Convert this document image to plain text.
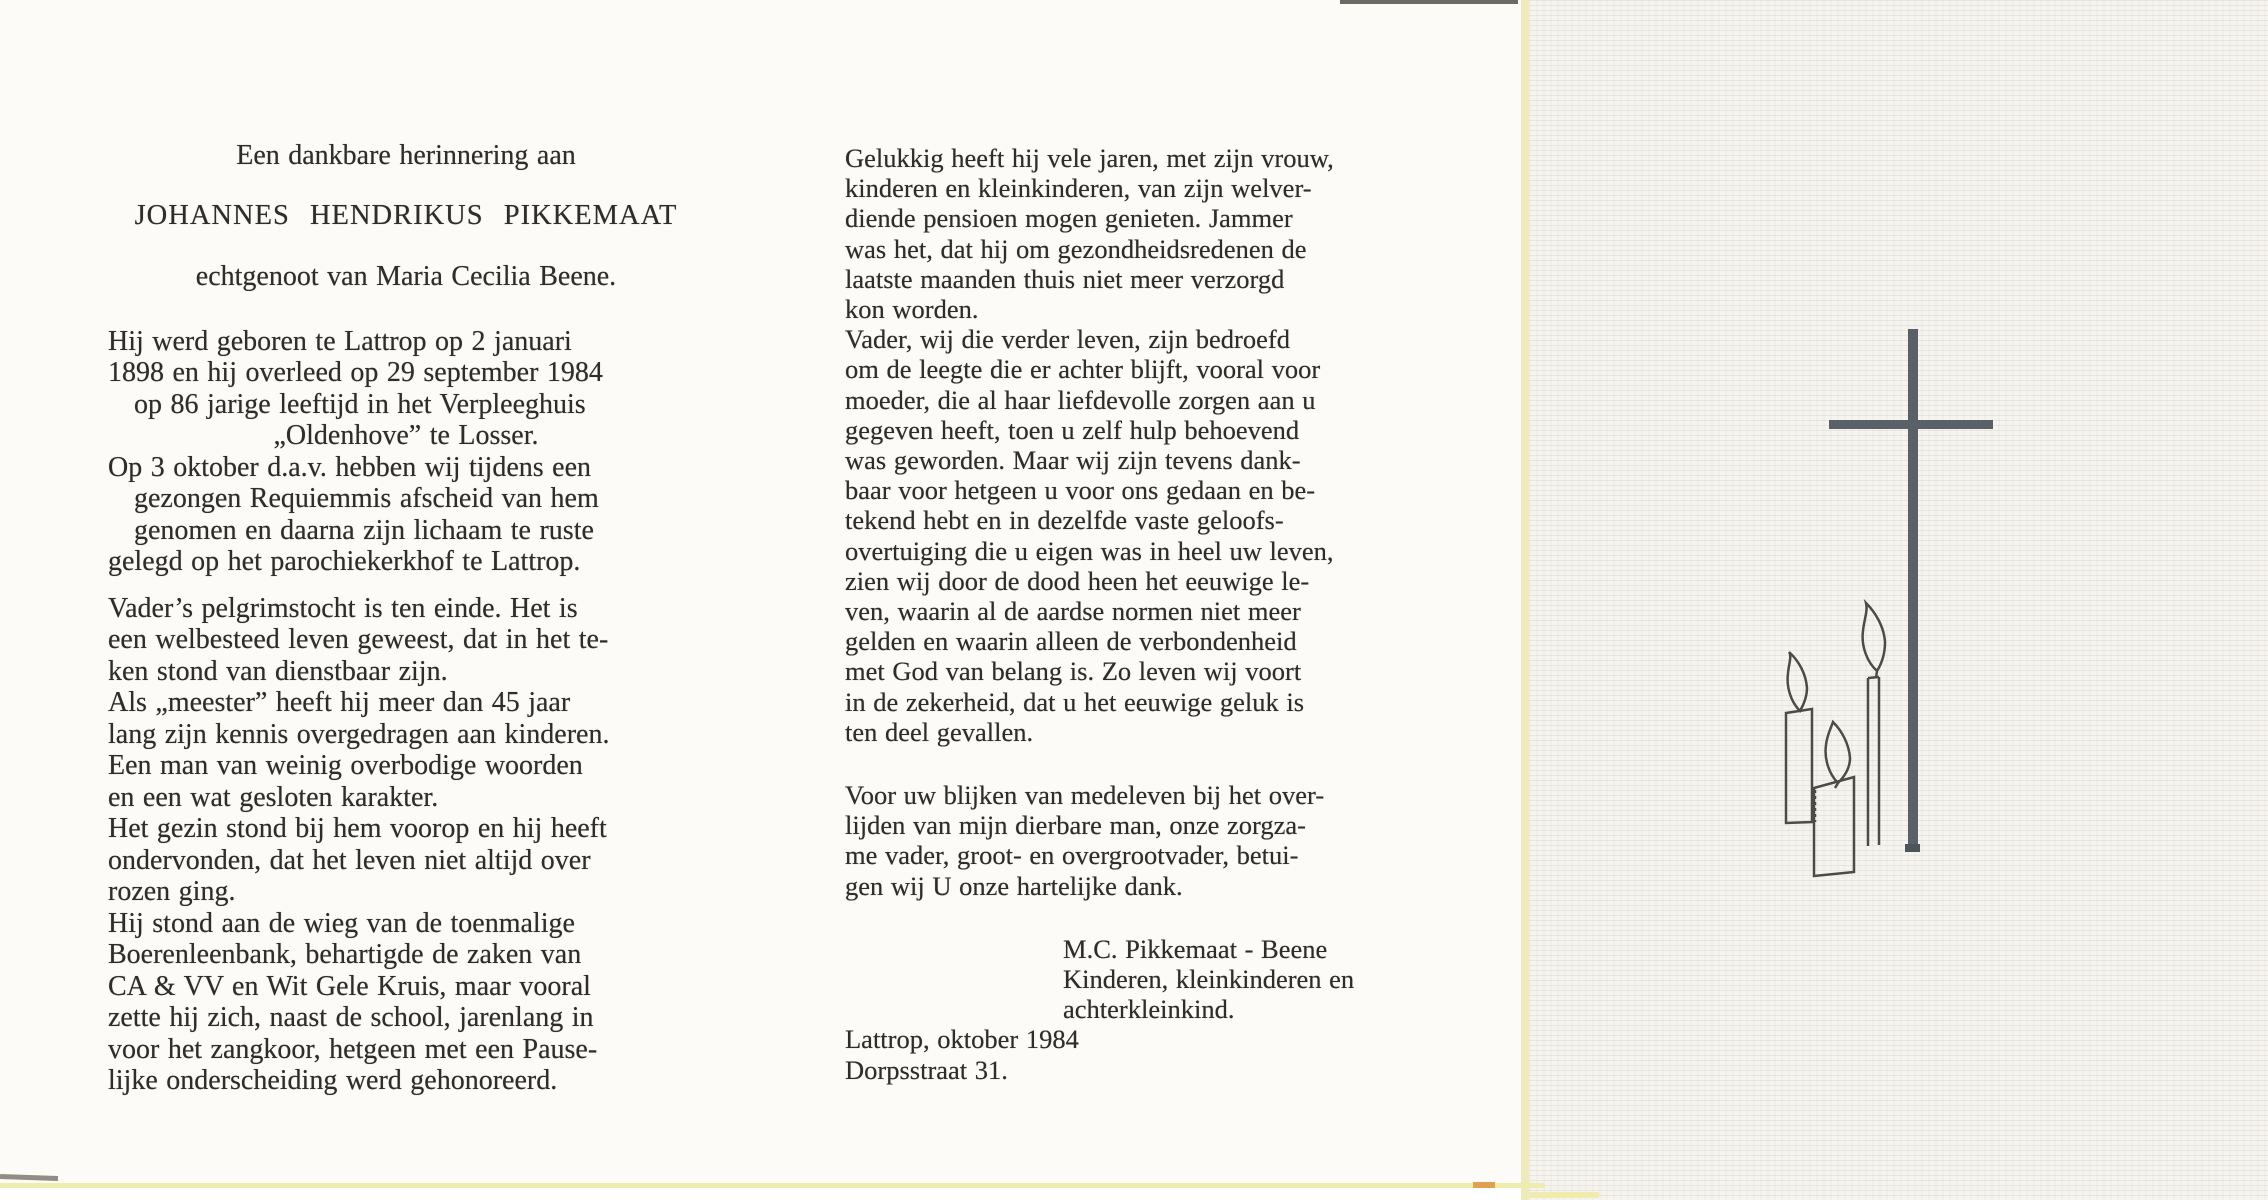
Een dankbare herinnering aan
JOHANNES HENDRIKUS PIKKEMAAT
echtgenoot van Maria Cecilia Beene.
Hij werd geboren te Lattrop op 2 januari
1898 en hij overleed op 29 september 1984
op 86 jarige leeftijd in het Verpleeghuis
„Oldenhove” te Losser.
Op 3 oktober d.a.v. hebben wij tijdens een
gezongen Requiemmis afscheid van hem
genomen en daarna zijn lichaam te ruste
gelegd op het parochiekerkhof te Lattrop.
Vader’s pelgrimstocht is ten einde. Het is
een welbesteed leven geweest, dat in het te-
ken stond van dienstbaar zijn.
Als „meester” heeft hij meer dan 45 jaar
lang zijn kennis overgedragen aan kinderen.
Een man van weinig overbodige woorden
en een wat gesloten karakter.
Het gezin stond bij hem voorop en hij heeft
ondervonden, dat het leven niet altijd over
rozen ging.
Hij stond aan de wieg van de toenmalige
Boerenleenbank, behartigde de zaken van
CA & VV en Wit Gele Kruis, maar vooral
zette hij zich, naast de school, jarenlang in
voor het zangkoor, hetgeen met een Pause-
lijke onderscheiding werd gehonoreerd.
Gelukkig heeft hij vele jaren, met zijn vrouw,
kinderen en kleinkinderen, van zijn welver-
diende pensioen mogen genieten. Jammer
was het, dat hij om gezondheidsredenen de
laatste maanden thuis niet meer verzorgd
kon worden.
Vader, wij die verder leven, zijn bedroefd
om de leegte die er achter blijft, vooral voor
moeder, die al haar liefdevolle zorgen aan u
gegeven heeft, toen u zelf hulp behoevend
was geworden. Maar wij zijn tevens dank-
baar voor hetgeen u voor ons gedaan en be-
tekend hebt en in dezelfde vaste geloofs-
overtuiging die u eigen was in heel uw leven,
zien wij door de dood heen het eeuwige le-
ven, waarin al de aardse normen niet meer
gelden en waarin alleen de verbondenheid
met God van belang is. Zo leven wij voort
in de zekerheid, dat u het eeuwige geluk is
ten deel gevallen.
Voor uw blijken van medeleven bij het over-
lijden van mijn dierbare man, onze zorgza-
me vader, groot- en overgrootvader, betui-
gen wij U onze hartelijke dank.
M.C. Pikkemaat - Beene
Kinderen, kleinkinderen en
achterkleinkind.
Lattrop, oktober 1984
Dorpsstraat 31.
